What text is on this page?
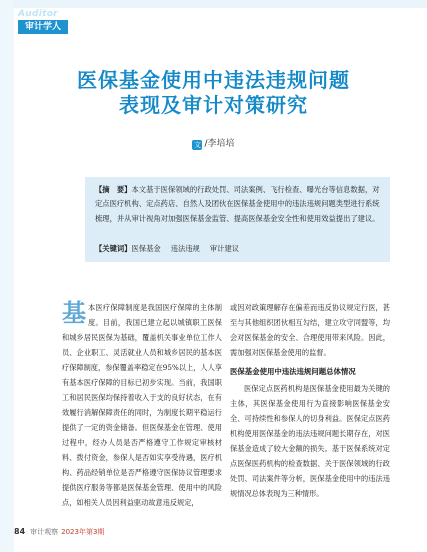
Auditor
审计学人
医保基金使用中违法违规问题
表现及审计对策研究
文 /李培培
【摘　要】本文基于医保领域的行政处罚、司法案例、飞行检查、曝光台等信息数据，对定点医疗机构、定点药店、自然人及团伙在医保基金使用中的违法违规问题类型进行系统梳理，并从审计视角对加强医保基金监管、提高医保基金安全性和使用效益提出了建议。
【关键词】医保基金 违法违规 审计建议
基本医疗保障制度是我国医疗保障的主体制度。目前，我国已建立起以城镇职工医保和城乡居民医保为基础，覆盖机关事业单位工作人员、企业职工、灵活就业人员和城乡居民的基本医疗保障制度，参保覆盖率稳定在95%以上，人人享有基本医疗保障的目标已初步实现。当前，我国职工和居民医保均保持着收入于支的良好状态，在有效履行消解保障责任的同时，为制度长期平稳运行提供了一定的资金储备。但医保基金在管理、使用过程中，经办人员是否严格遵守工作规定审核材料、拨付资金，参保人是否如实享受待遇，医疗机构、药品经销单位是否严格遵守医保协议管理要求提供医疗服务等都是医保基金管理、使用中的风险点，如相关人员因利益驱动故意违反规定，
或因对政策理解存在偏差而违反协议规定行医，甚至与其他组织团伙相互勾结，建立攻守同盟等，均会对医保基金的安全、合理使用带来风险。因此，需加强对医保基金使用的监督。
医保基金使用中违法违规问题总体情况
医保定点医药机构是医保基金使用最为关键的主体，其医保基金使用行为直接影响医保基金安全、可持续性和参保人的切身利益。医保定点医药机构使用医保基金的违法违规问题长期存在，对医保基金造成了较大金额的损失。基于医保系统对定点医保医药机构的检查数据、关于医保领域的行政处罚、司法案件等分析，医保基金使用中的违法违规情况总体表现为三种情形。
84 审计观察 2023年第3期
